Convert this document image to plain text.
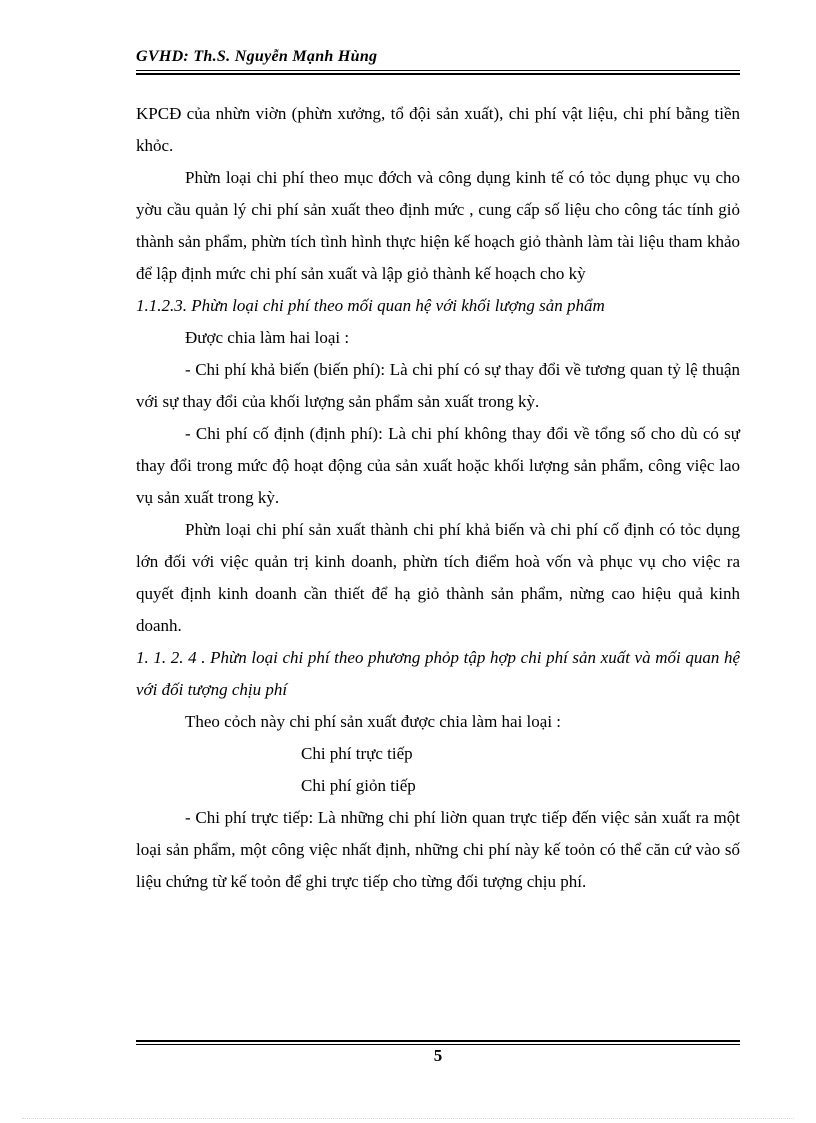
GVHD: Th.S. Nguyễn Mạnh Hùng

KPCĐ của nhừn viờn (phừn xưởng, tổ đội sản xuất), chi phí vật liệu, chi phí bằng tiền khỏc.

Phừn loại chi phí theo mục đớch và công dụng kinh tế có tỏc dụng phục vụ cho yờu cầu quản lý chi phí sản xuất theo định mức , cung cấp số liệu cho công tác tính giỏ thành sản phẩm, phừn tích tình hình thực hiện kế hoạch giỏ thành làm tài liệu tham khảo để lập định mức chi phí sản xuất và lập giỏ thành kế hoạch cho kỳ

1.1.2.3. Phừn loại chi phí theo mối quan hệ với khối lượng sản phẩm

Được chia làm hai loại :

- Chi phí khả biến (biến phí): Là chi phí có sự thay đổi về tương quan tỷ lệ thuận với sự thay đổi của khối lượng sản phẩm sản xuất trong kỳ.

- Chi phí cố định (định phí): Là chi phí không thay đổi về tổng số cho dù có sự thay đổi trong mức độ hoạt động của sản xuất hoặc khối lượng sản phẩm, công việc lao vụ sản xuất trong kỳ.

Phừn loại chi phí sản xuất thành chi phí khả biến và chi phí cố định có tỏc dụng lớn đối với việc quản trị kinh doanh, phừn tích điểm hoà vốn và phục vụ cho việc ra quyết định kinh doanh cần thiết để hạ giỏ thành sản phẩm, nừng cao hiệu quả kinh doanh.

1. 1. 2. 4 . Phừn loại chi phí theo phương phỏp tập hợp chi phí sản xuất và mối quan hệ với đối tượng chịu phí

Theo cỏch này chi phí sản xuất được chia làm hai loại :

Chi phí trực tiếp

Chi phí giỏn tiếp

- Chi phí trực tiếp: Là những chi phí liờn quan trực tiếp đến việc sản xuất ra một loại sản phẩm, một công việc nhất định, những chi phí này kế toỏn có thể căn cứ vào số liệu chứng từ kế toỏn để ghi trực tiếp cho từng đối tượng chịu phí.

5
